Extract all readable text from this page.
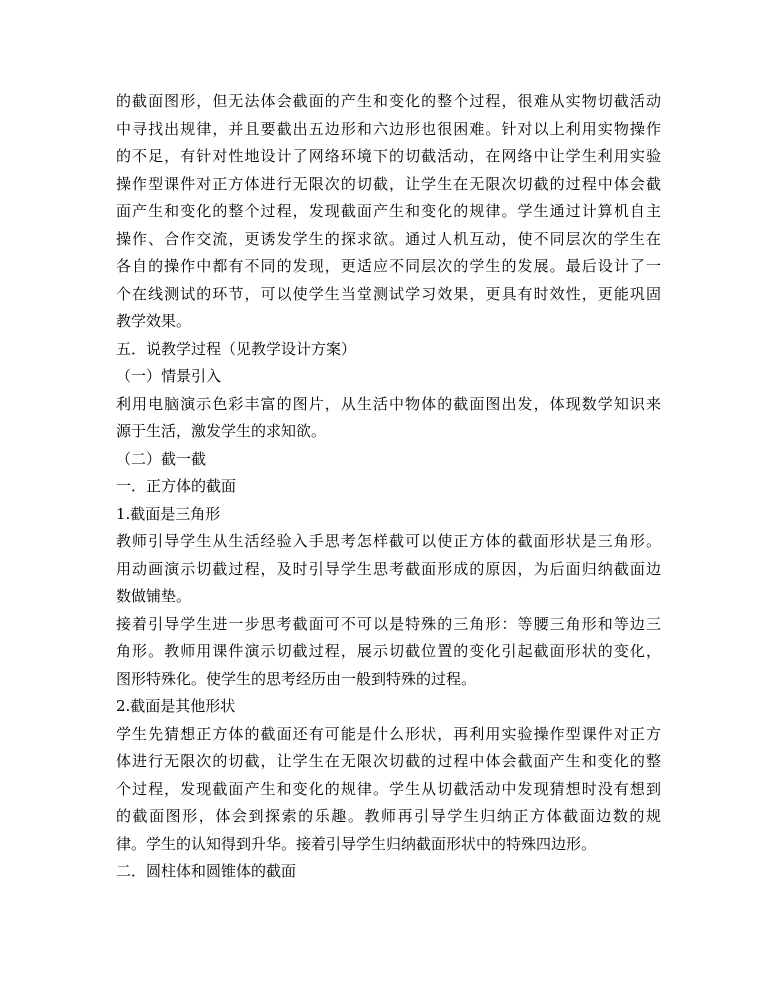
的截面图形，但无法体会截面的产生和变化的整个过程，很难从实物切截活动
中寻找出规律，并且要截出五边形和六边形也很困难。针对以上利用实物操作
的不足，有针对性地设计了网络环境下的切截活动，在网络中让学生利用实验
操作型课件对正方体进行无限次的切截，让学生在无限次切截的过程中体会截
面产生和变化的整个过程，发现截面产生和变化的规律。学生通过计算机自主
操作、合作交流，更诱发学生的探求欲。通过人机互动，使不同层次的学生在
各自的操作中都有不同的发现，更适应不同层次的学生的发展。最后设计了一
个在线测试的环节，可以使学生当堂测试学习效果，更具有时效性，更能巩固
教学效果。
五．说教学过程（见教学设计方案）
（一）情景引入
利用电脑演示色彩丰富的图片，从生活中物体的截面图出发，体现数学知识来
源于生活，激发学生的求知欲。
（二）截一截
一．正方体的截面
1.截面是三角形
教师引导学生从生活经验入手思考怎样截可以使正方体的截面形状是三角形。
用动画演示切截过程，及时引导学生思考截面形成的原因，为后面归纳截面边
数做铺垫。
接着引导学生进一步思考截面可不可以是特殊的三角形：等腰三角形和等边三
角形。教师用课件演示切截过程，展示切截位置的变化引起截面形状的变化，
图形特殊化。使学生的思考经历由一般到特殊的过程。
2.截面是其他形状
学生先猜想正方体的截面还有可能是什么形状，再利用实验操作型课件对正方
体进行无限次的切截，让学生在无限次切截的过程中体会截面产生和变化的整
个过程，发现截面产生和变化的规律。学生从切截活动中发现猜想时没有想到
的截面图形，体会到探索的乐趣。教师再引导学生归纳正方体截面边数的规
律。学生的认知得到升华。接着引导学生归纳截面形状中的特殊四边形。
二．圆柱体和圆锥体的截面
